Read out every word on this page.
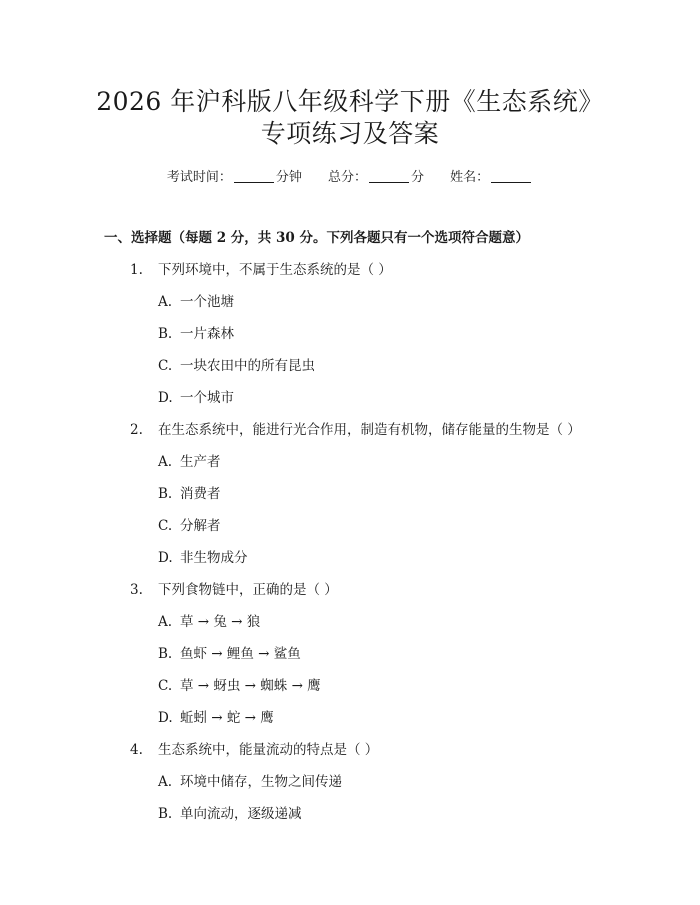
2026 年沪科版八年级科学下册《生态系统》
专项练习及答案
考试时间：	分钟 总分：	分 姓名：
一、选择题（每题 2 分，共 30 分。下列各题只有一个选项符合题意）
1. 下列环境中，不属于生态系统的是（ ）
A. 一个池塘
B. 一片森林
C. 一块农田中的所有昆虫
D. 一个城市
2. 在生态系统中，能进行光合作用，制造有机物，储存能量的生物是（ ）
A. 生产者
B. 消费者
C. 分解者
D. 非生物成分
3. 下列食物链中，正确的是（ ）
A. 草 → 兔 → 狼
B. 鱼虾 → 鲤鱼 → 鲨鱼
C. 草 → 蚜虫 → 蜘蛛 → 鹰
D. 蚯蚓 → 蛇 → 鹰
4. 生态系统中，能量流动的特点是（ ）
A. 环境中储存，生物之间传递
B. 单向流动，逐级递减
